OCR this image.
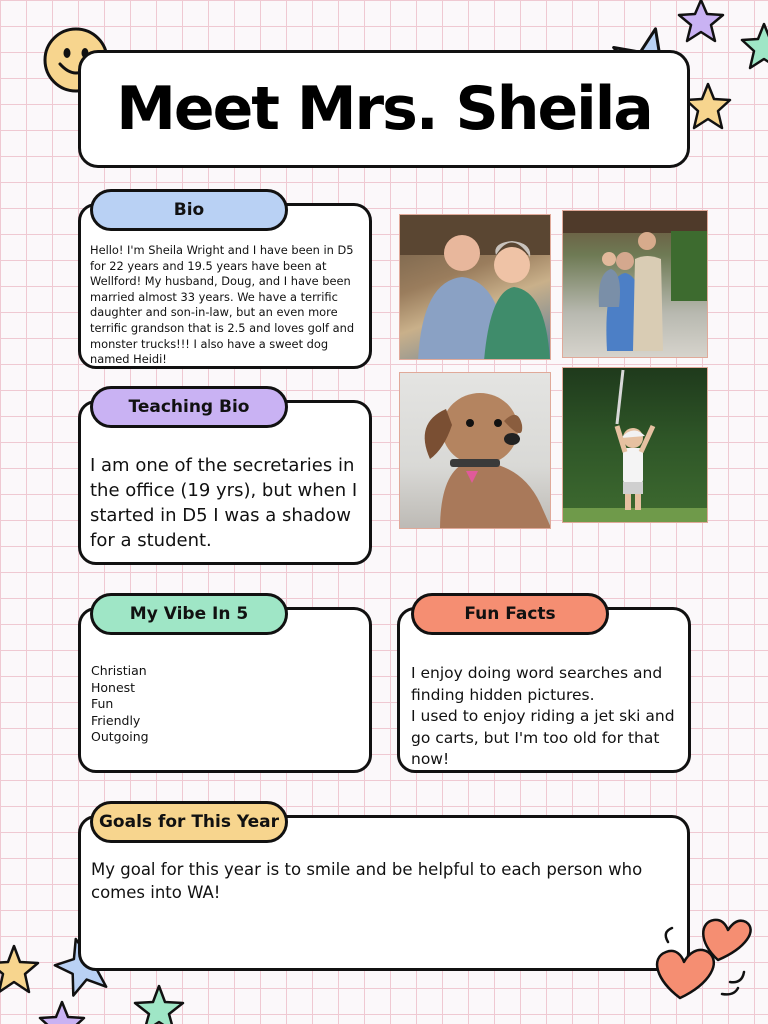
Meet Mrs. Sheila
Hello! I'm Sheila Wright and I have been in D5 for 22 years and 19.5 years have been at Wellford! My husband, Doug, and I have been married almost 33 years. We have a terrific daughter and son-in-law, but an even more terrific grandson that is 2.5 and loves golf and monster trucks!!! I also have a sweet dog named Heidi!
Bio
I am one of the secretaries in the office (19 yrs), but when I started in D5 I was a shadow for a student.
Teaching Bio
Christian
Honest
Fun
Friendly
Outgoing
My Vibe In 5
I enjoy doing word searches and finding hidden pictures.
I used to enjoy riding a jet ski and go carts, but I'm too old for that now!
Fun Facts
My goal for this year is to smile and be helpful to each person who comes into WA!
Goals for This Year
